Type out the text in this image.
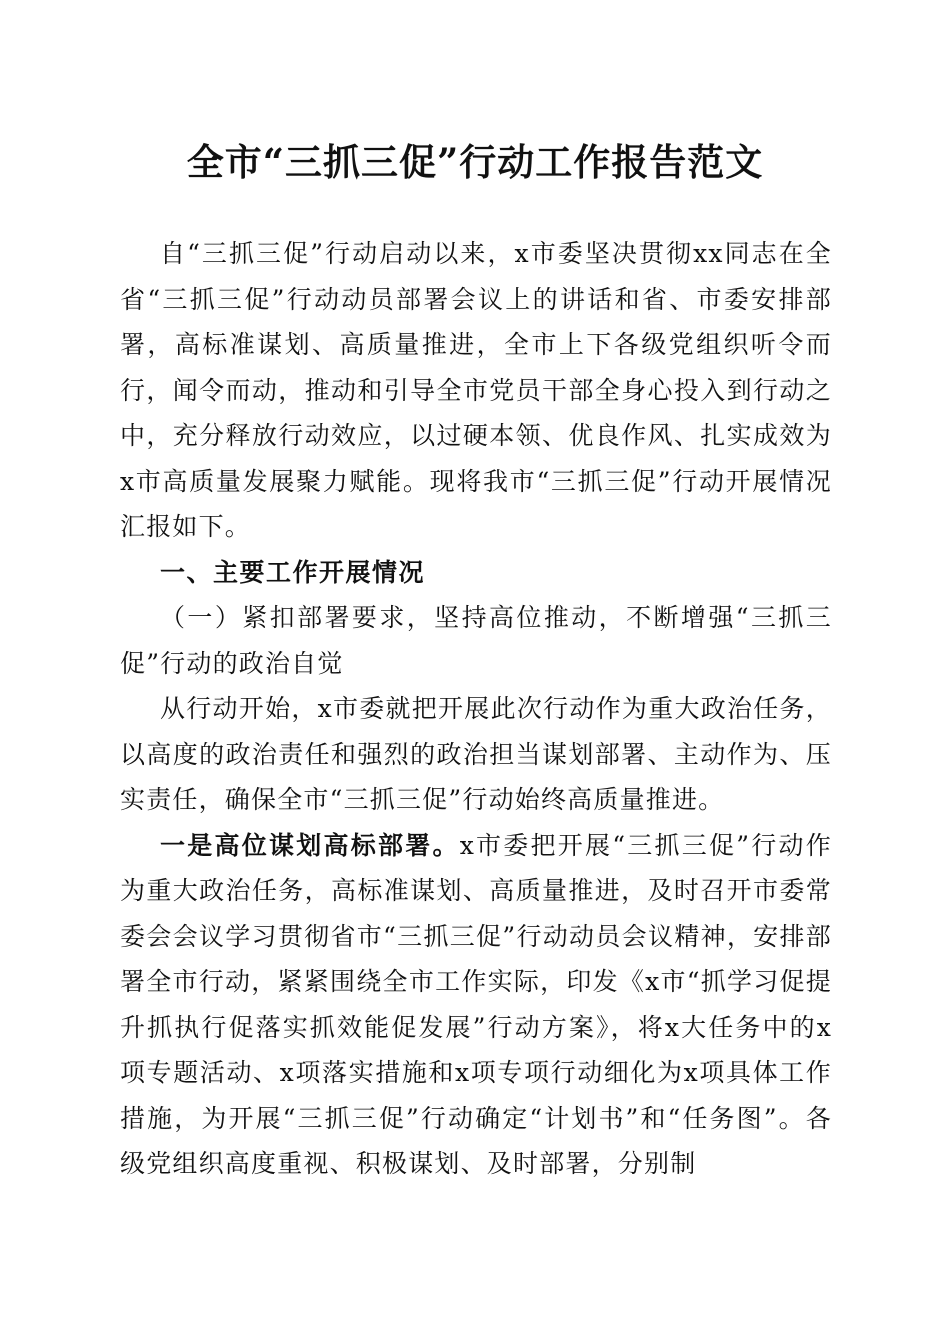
全市“三抓三促”行动工作报告范文

自“三抓三促”行动启动以来，x市委坚决贯彻xx同志在全省“三抓三促”行动动员部署会议上的讲话和省、市委安排部署，高标准谋划、高质量推进，全市上下各级党组织听令而行，闻令而动，推动和引导全市党员干部全身心投入到行动之中，充分释放行动效应，以过硬本领、优良作风、扎实成效为x市高质量发展聚力赋能。现将我市“三抓三促”行动开展情况汇报如下。

一、主要工作开展情况

（一）紧扣部署要求，坚持高位推动，不断增强“三抓三促”行动的政治自觉

从行动开始，x市委就把开展此次行动作为重大政治任务，以高度的政治责任和强烈的政治担当谋划部署、主动作为、压实责任，确保全市“三抓三促”行动始终高质量推进。

一是高位谋划高标部署。x市委把开展“三抓三促”行动作为重大政治任务，高标准谋划、高质量推进，及时召开市委常委会会议学习贯彻省市“三抓三促”行动动员会议精神，安排部署全市行动，紧紧围绕全市工作实际，印发《x市“抓学习促提升抓执行促落实抓效能促发展”行动方案》，将x大任务中的x项专题活动、x项落实措施和x项专项行动细化为x项具体工作措施，为开展“三抓三促”行动确定“计划书”和“任务图”。各级党组织高度重视、积极谋划、及时部署，分别制
